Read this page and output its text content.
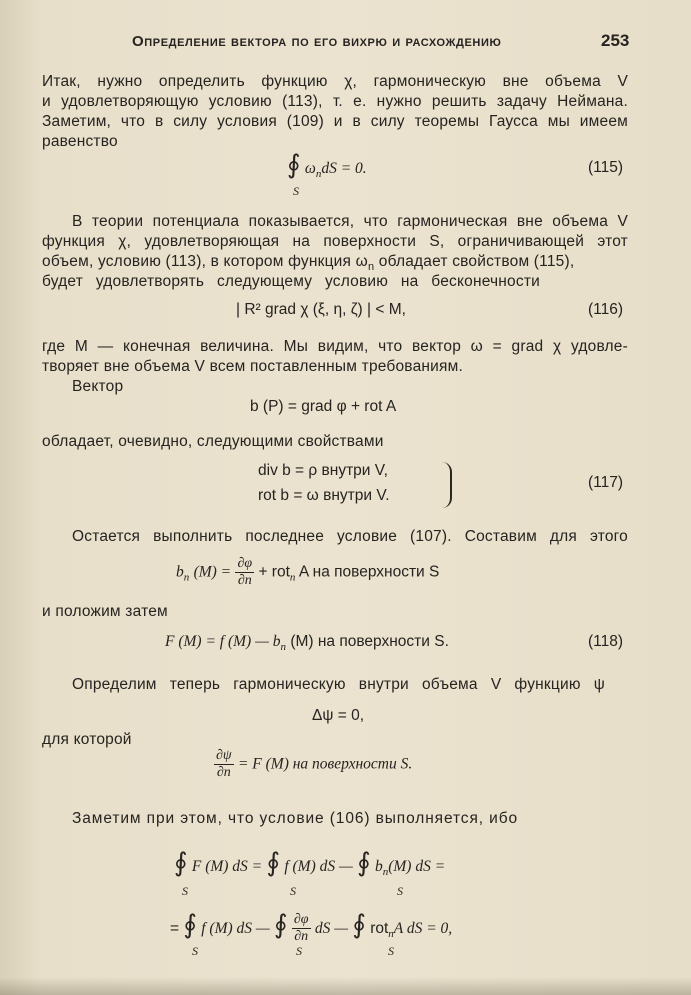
Определение вектора по его вихрю и расхождению	253
Итак, нужно определить функцию χ, гармоническую вне объема V
и удовлетворяющую условию (113), т. е. нужно решить задачу Неймана.
Заметим, что в силу условия (109) и в силу теоремы Гаусса мы имеем
равенство
∮ $\omega_ndS = 0$.
S
(115)
В теории потенциала показывается, что гармоническая вне объема V
функция χ, удовлетворяющая на поверхности S, ограничивающей этот
объем, условию (113), в котором функция $\omega_n$ обладает свойством (115),
будет удовлетворять следующему условию на бесконечности
| R² grad χ (ξ, η, ζ) | < M,	(116)
где M — конечная величина. Мы видим, что вектор ω = grad χ удовле-
творяет вне объема V всем поставленным требованиям.
Вектор
b (P) = grad φ + rot A
обладает, очевидно, следующими свойствами
div b = ρ внутри V,
rot b = ω внутри V.
(117)
Остается выполнить последнее условие (107). Составим для этого
$b_n$ $(M) = \frac{\partial\varphi}{\partial n} + rot_n$ A на поверхности S
и положим затем
F (M) = f (M) — $b_n$ (M) на поверхности S.	(118)
Определим теперь гармоническую внутри объема V функцию ψ
Δψ = 0,
для которой
$\frac{\partial\psi}{\partial n} = F$ (M) на поверхности S.
Заметим при этом, что условие (106) выполняется, ибо
∮ F (M) dS = ∮ f (M) dS — ∮ $b_n(M)$ dS =
S	S	S
= ∮ f (M) dS — ∮ $\frac{\partial\varphi}{\partial n}$ dS — ∮ rot$_n$A dS = 0,
S	S	S
